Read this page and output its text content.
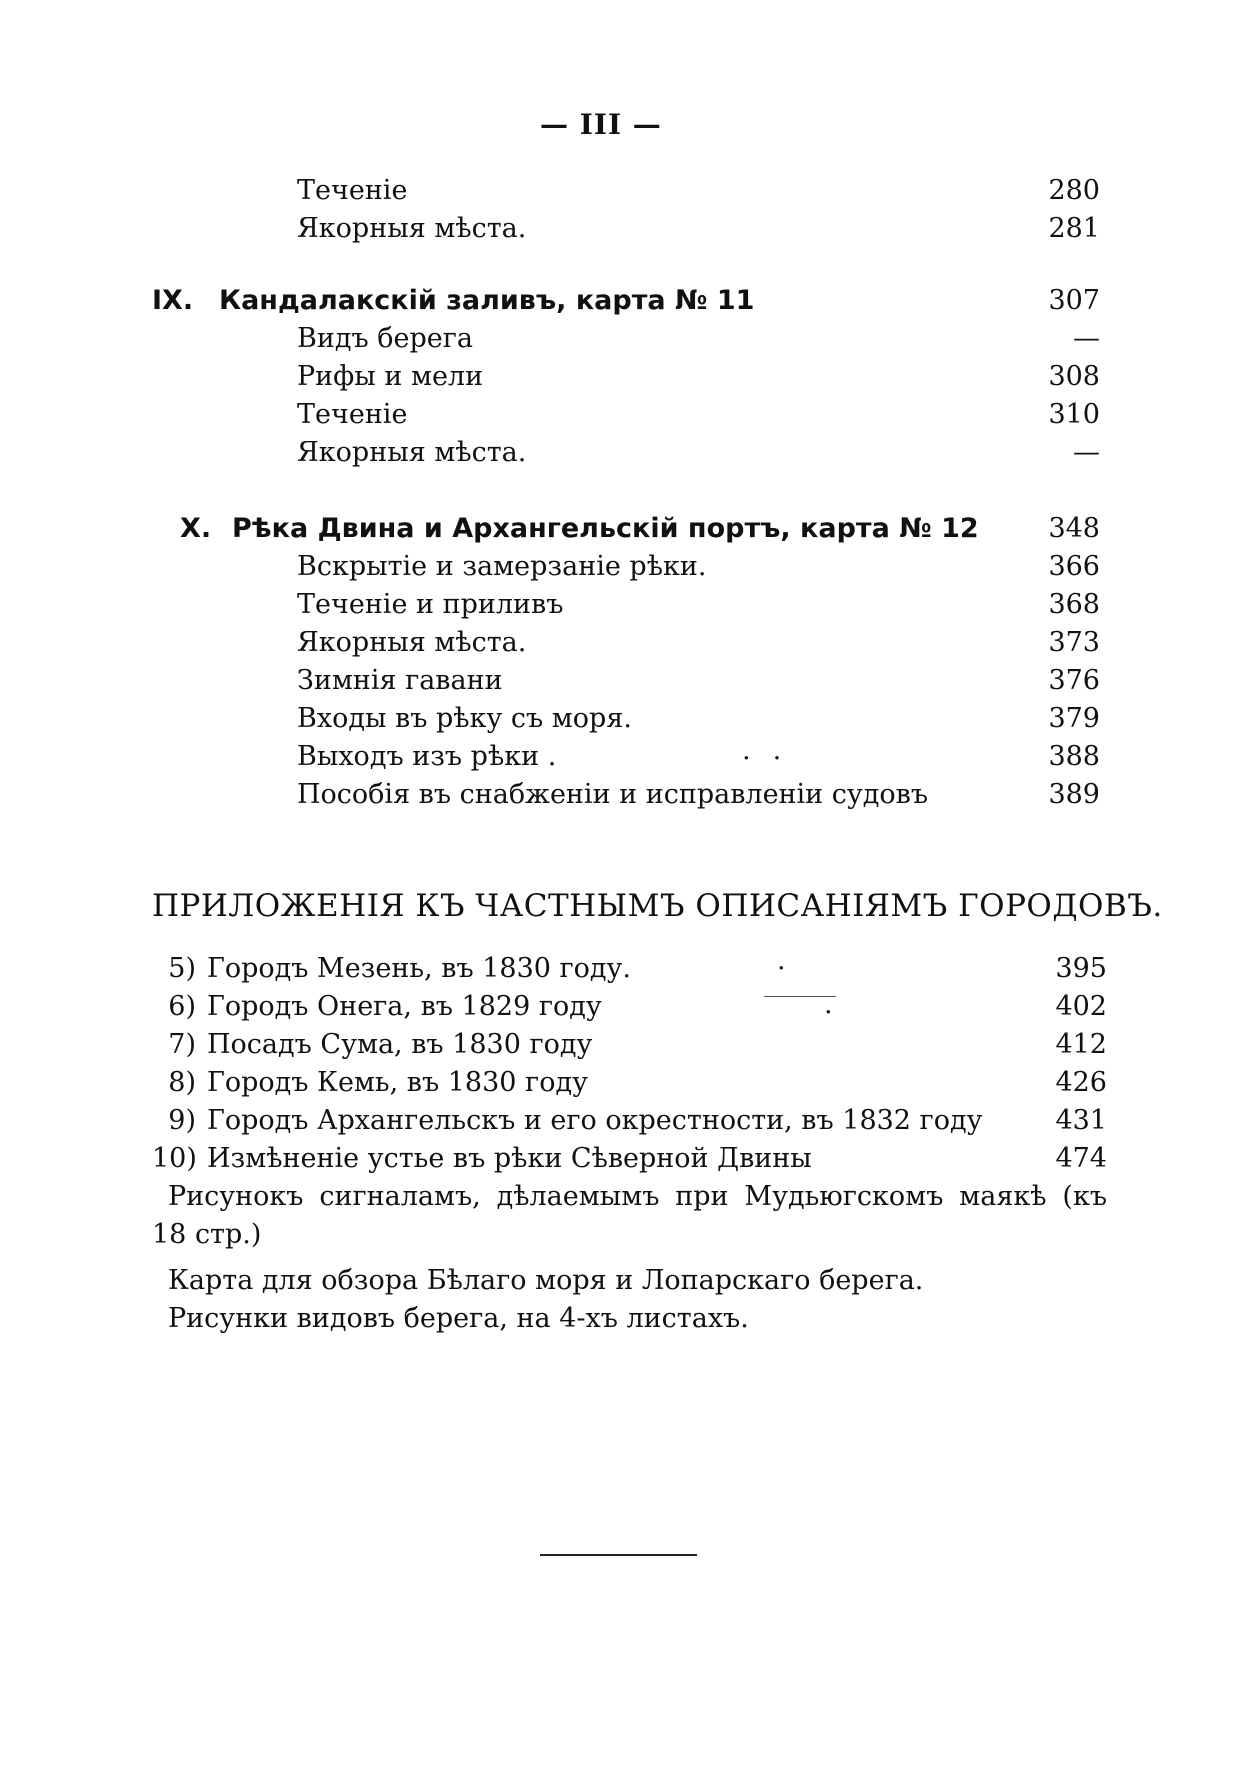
— III —
Теченіе	280
Якорныя мѣста.	281
IX. Кандалакскій заливъ, карта № 11	307
Видъ берега	—
Рифы и мели	308
Теченіе	310
Якорныя мѣста.	—
X. Рѣка Двина и Архангельскій портъ, карта № 12	348
Вскрытіе и замерзаніе рѣки.	366
Теченіе и приливъ	368
Якорныя мѣста.	373
Зимнія гавани	376
Входы въ рѣку съ моря.	379
Выходъ изъ рѣки .	..	388
Пособія въ снабженіи и исправленіи судовъ	389
ПРИЛОЖЕНІЯ КЪ ЧАСТНЫМЪ ОПИСАНІЯМЪ ГОРОДОВЪ.
5) Городъ Мезень, въ 1830 году.	.	395
6) Городъ Онега, въ 1829 году	.	402
7) Посадъ Сума, въ 1830 году	412
8) Городъ Кемь, въ 1830 году	426
9) Городъ Архангельскъ и его окрестности, въ 1832 году	431
10) Измѣненіе устье въ рѣки Сѣверной Двины	474
Рисунокъ сигналамъ, дѣлаемымъ при Мудьюгскомъ маякѣ (къ
18 стр.)
Карта для обзора Бѣлаго моря и Лопарскаго берега.
Рисунки видовъ берега, на 4-хъ листахъ.
